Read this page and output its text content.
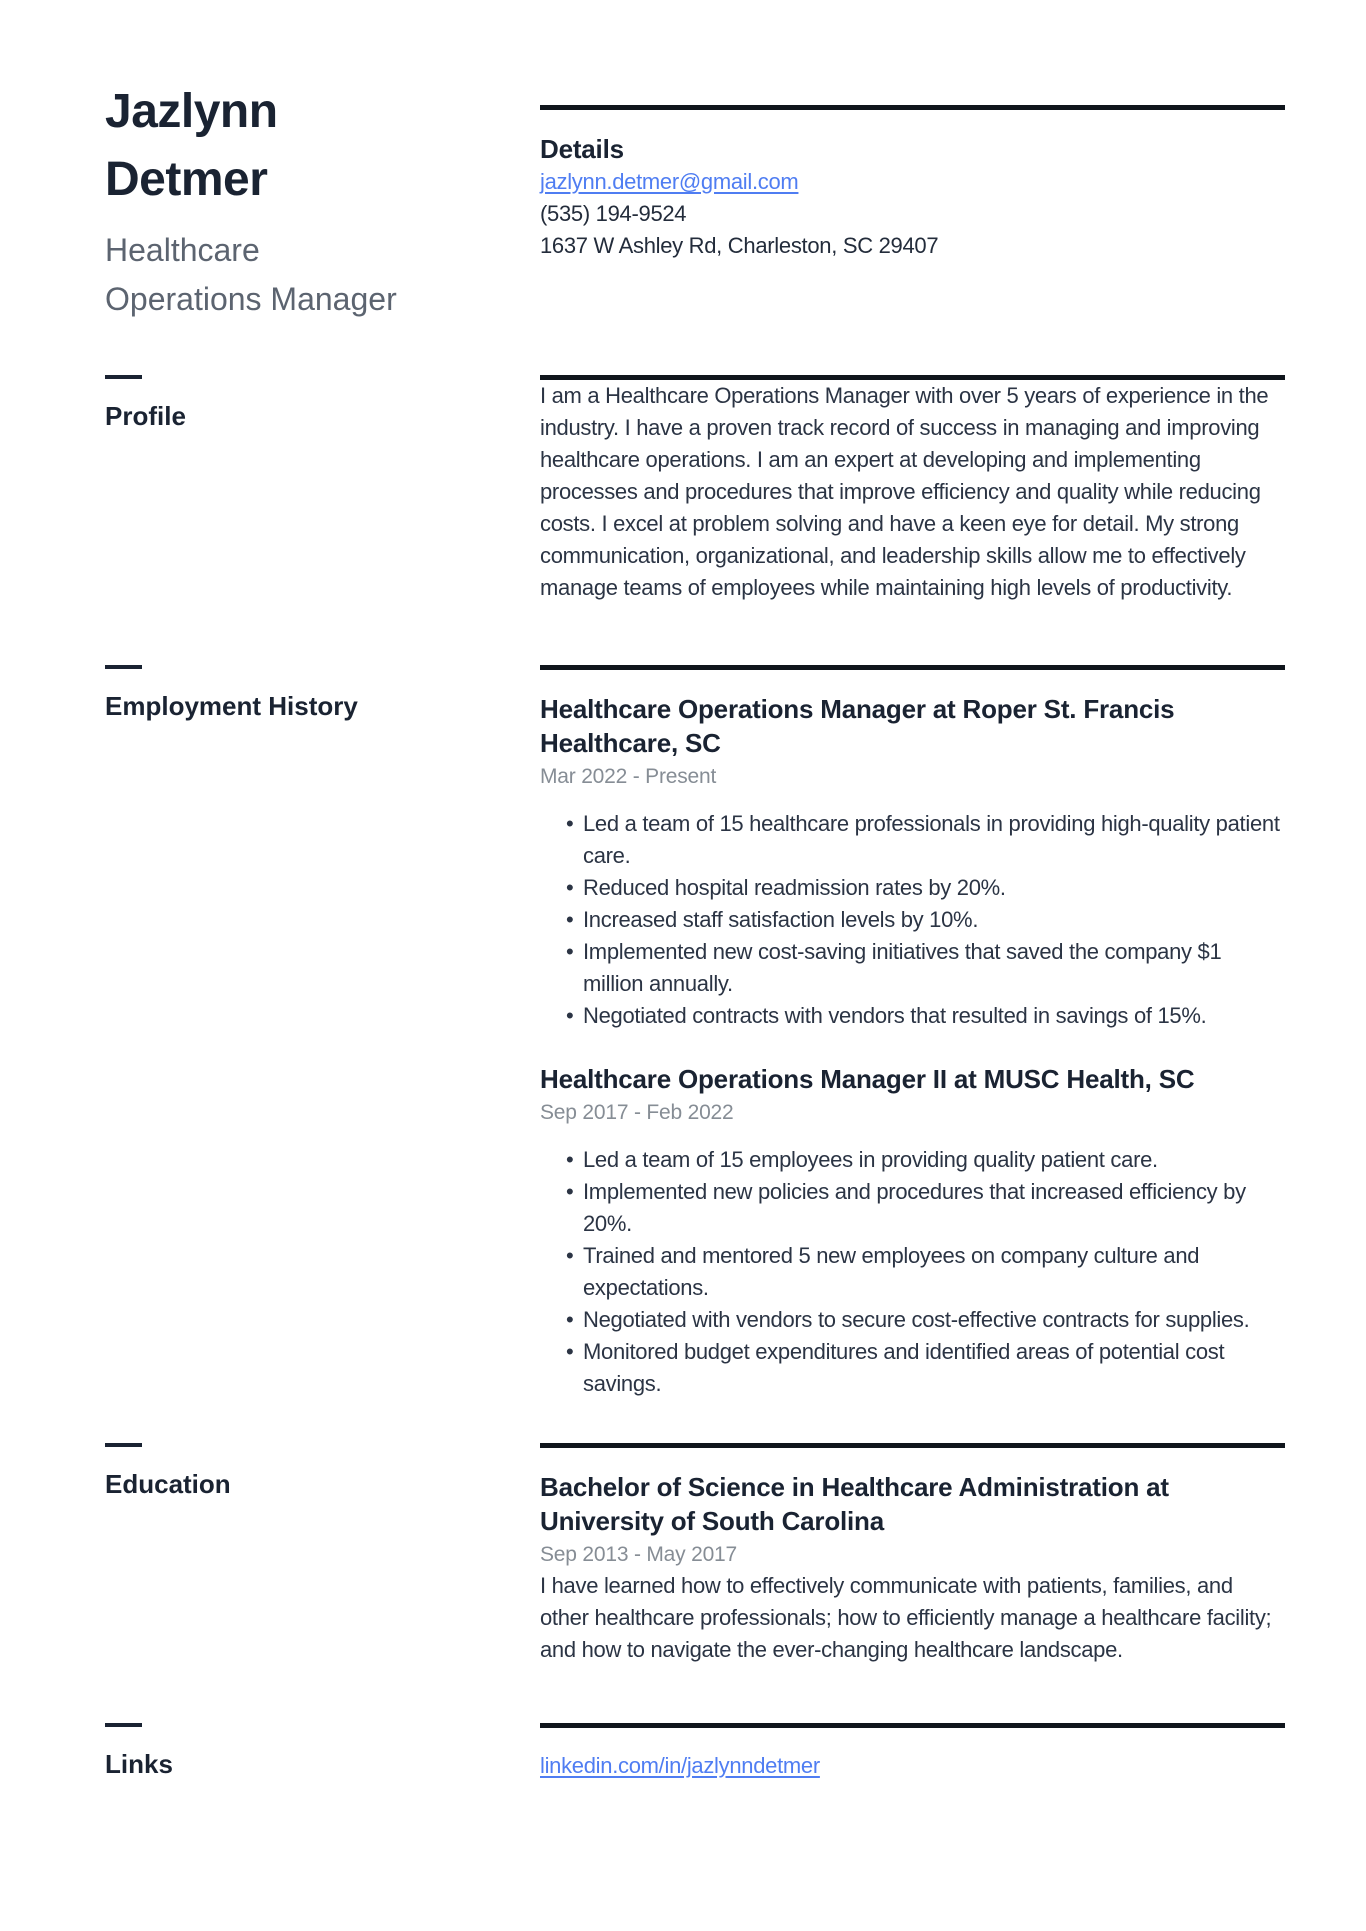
Jazlynn Detmer
Healthcare Operations Manager
Details

jazlynn.detmer@gmail.com

(535) 194-9524

1637 W Ashley Rd, Charleston, SC 29407

Profile

I am a Healthcare Operations Manager with over 5 years of experience in the industry. I have a proven track record of success in managing and improving healthcare operations. I am an expert at developing and implementing processes and procedures that improve efficiency and quality while reducing costs. I excel at problem solving and have a keen eye for detail. My strong communication, organizational, and leadership skills allow me to effectively manage teams of employees while maintaining high levels of productivity.

Employment History	Healthcare Operations Manager at Roper St. Francis Healthcare, SC

Mar 2022 - Present

• Led a team of 15 healthcare professionals in providing high-quality patient care.
• Reduced hospital readmission rates by 20%.
• Increased staff satisfaction levels by 10%.
• Implemented new cost-saving initiatives that saved the company $1 million annually.
• Negotiated contracts with vendors that resulted in savings of 15%.
Healthcare Operations Manager II at MUSC Health, SC

Sep 2017 - Feb 2022

• Led a team of 15 employees in providing quality patient care.
• Implemented new policies and procedures that increased efficiency by 20%.
• Trained and mentored 5 new employees on company culture and expectations.
• Negotiated with vendors to secure cost-effective contracts for supplies.
• Monitored budget expenditures and identified areas of potential cost savings.
Education	Bachelor of Science in Healthcare Administration at University of South Carolina

Sep 2013 - May 2017

I have learned how to effectively communicate with patients, families, and other healthcare professionals; how to efficiently manage a healthcare facility; and how to navigate the ever-changing healthcare landscape.

Links	linkedin.com/in/jazlynndetmer
